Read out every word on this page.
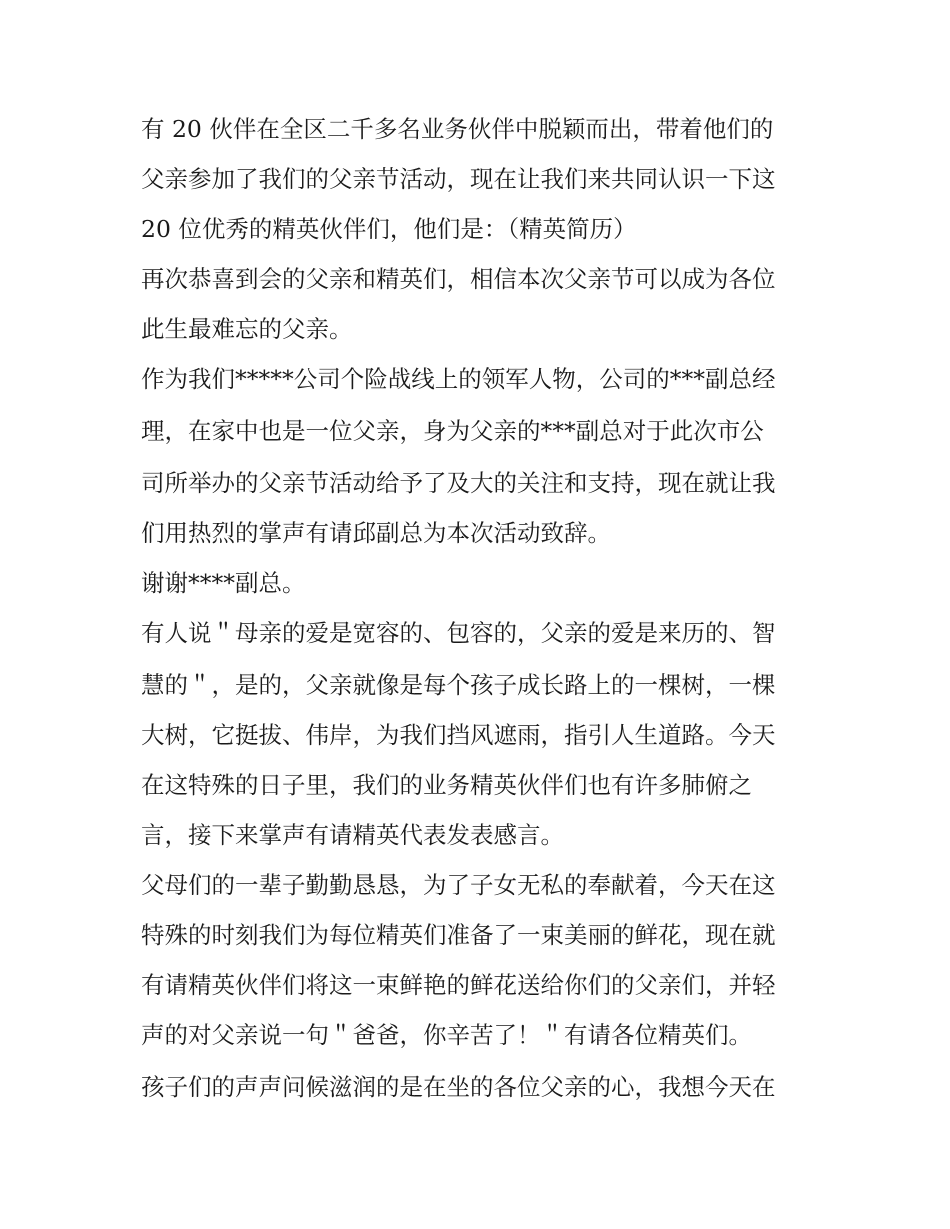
有 20 伙伴在全区二千多名业务伙伴中脱颖而出，带着他们的
父亲参加了我们的父亲节活动，现在让我们来共同认识一下这
20 位优秀的精英伙伴们，他们是：（精英简历）
再次恭喜到会的父亲和精英们，相信本次父亲节可以成为各位
此生最难忘的父亲。
作为我们*****公司个险战线上的领军人物，公司的***副总经
理，在家中也是一位父亲，身为父亲的***副总对于此次市公
司所举办的父亲节活动给予了及大的关注和支持，现在就让我
们用热烈的掌声有请邱副总为本次活动致辞。
谢谢****副总。
有人说＂母亲的爱是宽容的、包容的，父亲的爱是来历的、智
慧的＂，是的，父亲就像是每个孩子成长路上的一棵树，一棵
大树，它挺拔、伟岸，为我们挡风遮雨，指引人生道路。今天
在这特殊的日子里，我们的业务精英伙伴们也有许多肺俯之
言，接下来掌声有请精英代表发表感言。
父母们的一辈子勤勤恳恳，为了子女无私的奉献着，今天在这
特殊的时刻我们为每位精英们准备了一束美丽的鲜花，现在就
有请精英伙伴们将这一束鲜艳的鲜花送给你们的父亲们，并轻
声的对父亲说一句＂爸爸，你辛苦了！＂有请各位精英们。
孩子们的声声问候滋润的是在坐的各位父亲的心，我想今天在
